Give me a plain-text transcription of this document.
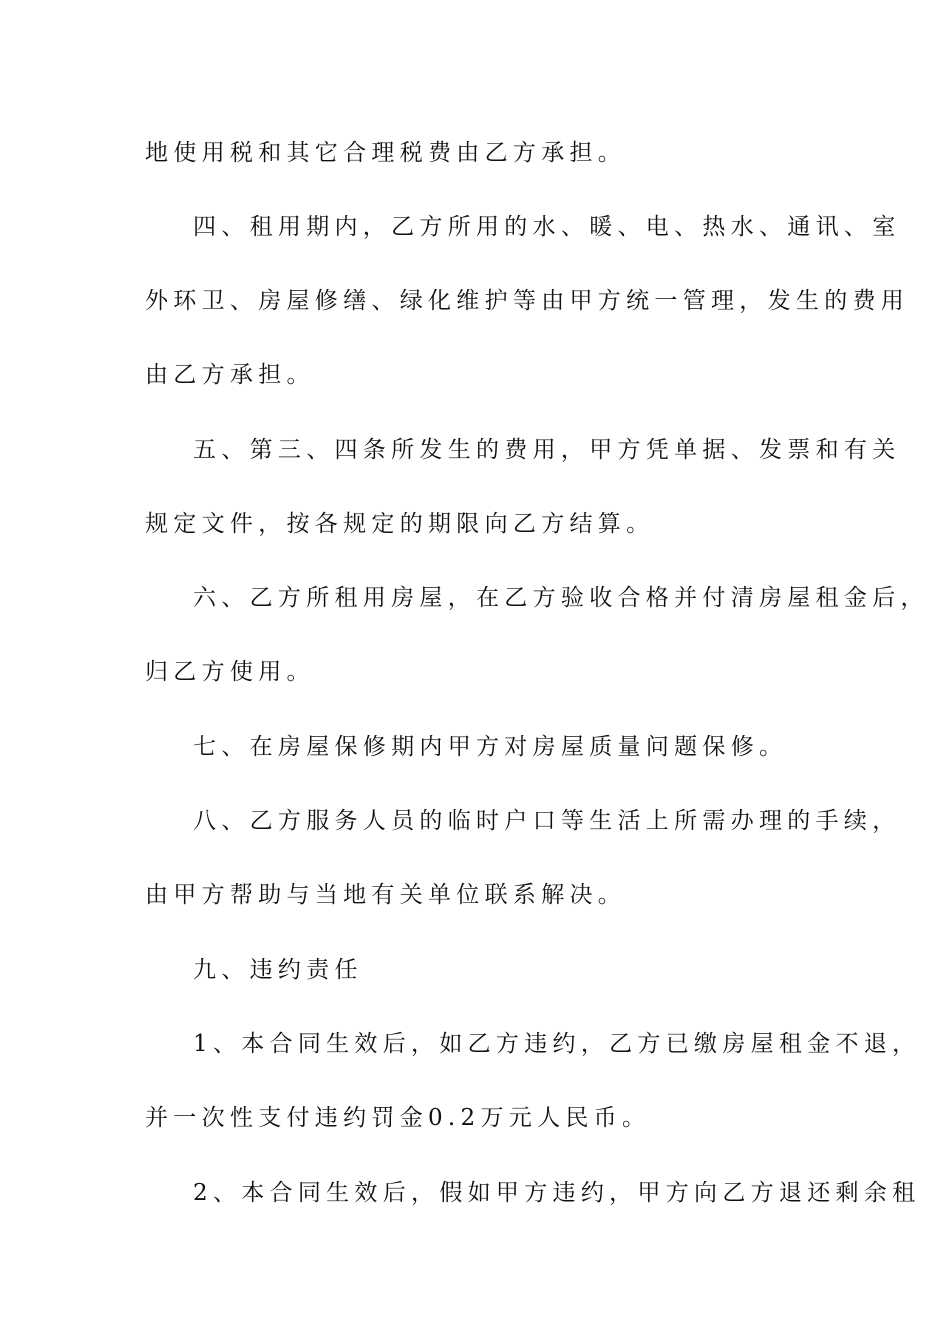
地使用税和其它合理税费由乙方承担。
四、租用期内，乙方所用的水、暖、电、热水、通讯、室
外环卫、房屋修缮、绿化维护等由甲方统一管理，发生的费用
由乙方承担。
五、第三、四条所发生的费用，甲方凭单据、发票和有关
规定文件，按各规定的期限向乙方结算。
六、乙方所租用房屋，在乙方验收合格并付清房屋租金后，
归乙方使用。
七、在房屋保修期内甲方对房屋质量问题保修。
八、乙方服务人员的临时户口等生活上所需办理的手续，
由甲方帮助与当地有关单位联系解决。
九、违约责任
1、本合同生效后，如乙方违约，乙方已缴房屋租金不退，
并一次性支付违约罚金0.2万元人民币。
2、本合同生效后，假如甲方违约，甲方向乙方退还剩余租
